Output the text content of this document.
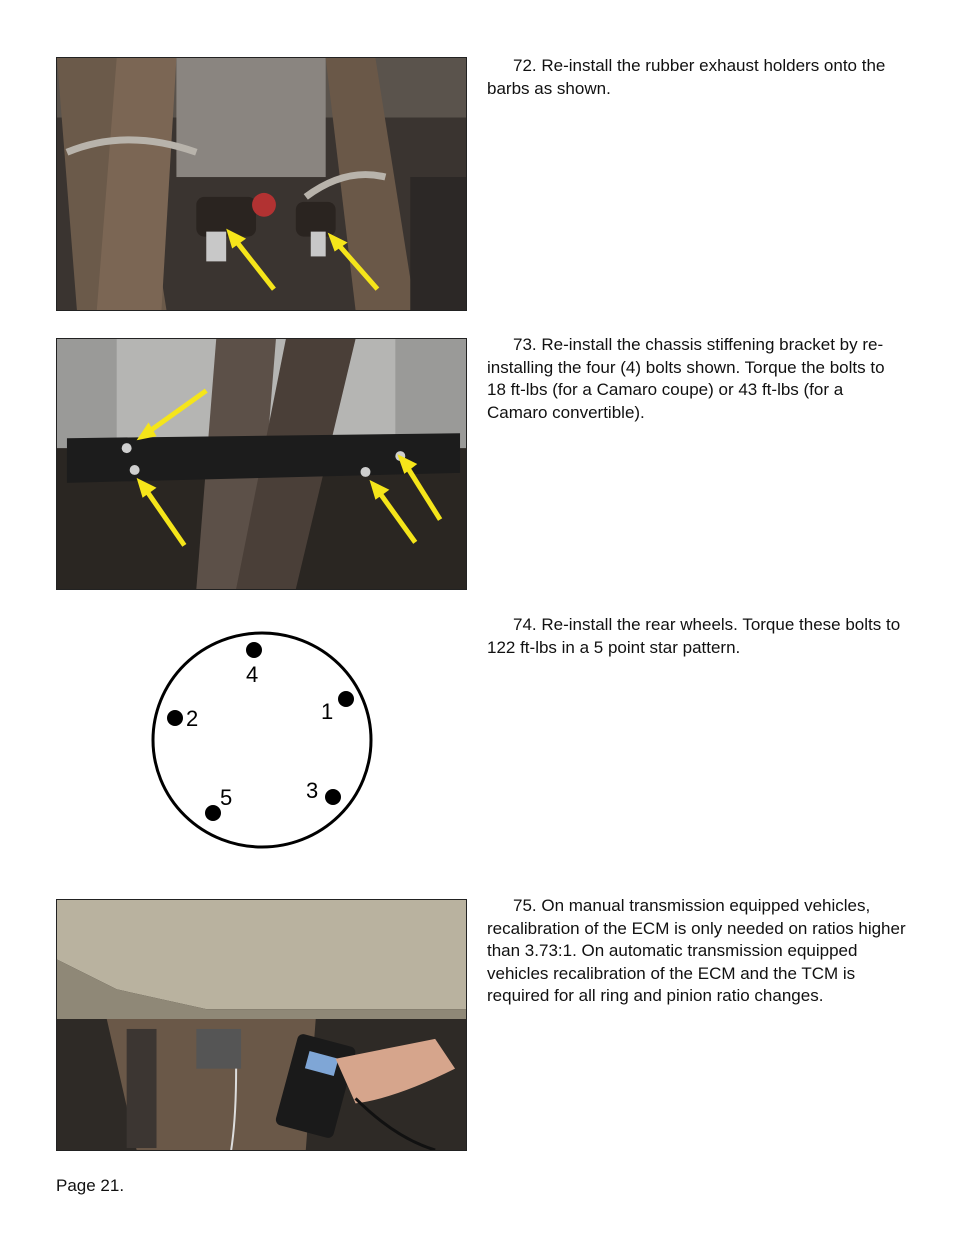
72. Re-install the rubber exhaust holders onto the barbs as shown.
73. Re-install the chassis stiffening bracket by re-installing the four (4) bolts shown. Torque the bolts to 18 ft-lbs (for a Camaro coupe) or 43 ft-lbs (for a Camaro convertible).
4
1
2
3
5
74. Re-install the rear wheels. Torque these bolts to 122 ft-lbs in a 5 point star pattern.
75. On manual transmission equipped vehicles, recalibration of the ECM is only needed on ratios higher than 3.73:1. On automatic transmission equipped vehicles recalibration of the ECM and the TCM is required for all ring and pinion ratio changes.
Page 21.
